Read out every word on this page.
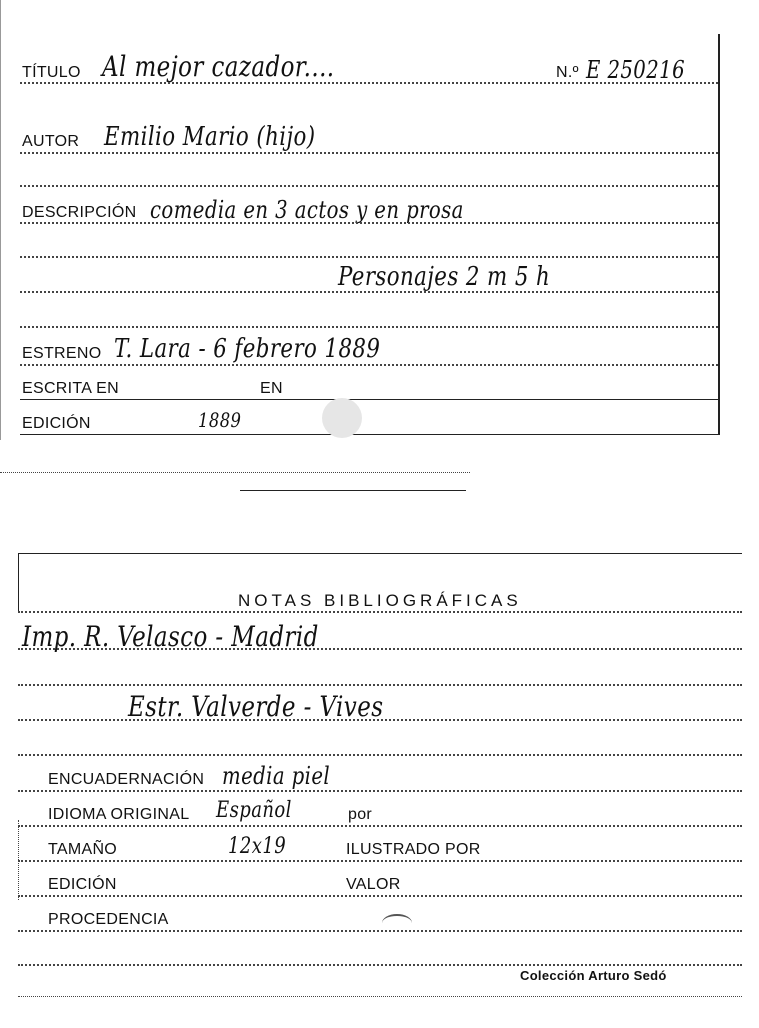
TÍTULO Al mejor cazador....	N.º E 250216
AUTOR Emilio Mario (hijo)
DESCRIPCIÓN comedia en 3 actos y en prosa
Personajes 2 m 5 h
ESTRENO T. Lara - 6 febrero 1889
ESCRITA EN	EN
EDICIÓN	1889
NOTAS BIBLIOGRÁFICAS
Imp. R. Velasco - Madrid
Estr. Valverde - Vives
ENCUADERNACIÓN media piel
IDIOMA ORIGINAL Español	por
TAMAÑO	12x19	ILUSTRADO POR
EDICIÓN	VALOR
PROCEDENCIA
Colección Arturo Sedó
